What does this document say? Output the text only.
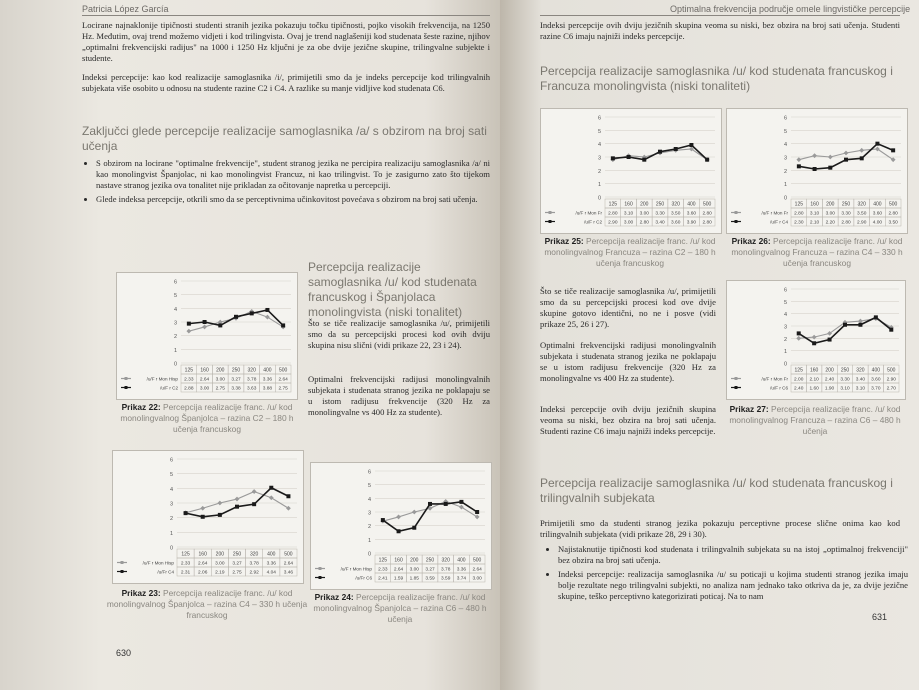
Patricia López García
Locirane najnaklonije tipičnosti studenti stranih jezika pokazuju točku tipičnosti, pojko visokih frekvencija, na 1250 Hz. Međutim, ovaj trend možemo vidjeti i kod trilingvista. Ovaj je trend naglašeniji kod studenata šeste razine, njihov „optimalni frekvencijski radijus" na 1000 i 1250 Hz ključni je za obe dvije jezične skupine, trilingvalne subjekte i studente.
Indeksi percepcije: kao kod realizacije samoglasnika /i/, primijetili smo da je indeks percepcije kod trilingvalnih subjekata više osobito u odnosu na studente razine C2 i C4. A razlike su manje vidljive kod studenata C6.
Zaključci glede percepcije realizacije samoglasnika /a/ s obzirom na broj sati učenja
• S obzirom na locirane "optimalne frekvencije", student stranog jezika ne percipira realizaciju samoglasnika /a/ ni kao monolingvist Španjolac, ni kao monolingvist Francuz, ni kao trilingvist. To je zasigurno zato što tijekom nastave stranog jezika ova tonalitet nije prikladan za očitovanje napretka u percepciji.
• Glede indeksa percepcije, otkrili smo da se perceptivnima učinkovitost povećava s obzirom na broj sati učenja.
0
1
2
3
4
5
6
125 160 200 250 320 400 500
/u/F r Mon Hisp 2.33 2.64 3.00 3.27 3.78 3.36 2.64
/u/F r C2 2.88 3.00 2.75 3.38 3.63 3.88 2.75
Prikaz 22: Percepcija realizacije franc. /u/ kod monolingvalnog Španjolca – razina C2 – 180 h učenja francuskog
Percepcija realizacije samoglasnika /u/ kod studenata francuskog i Španjolaca monolingvista (niski tonalitet)
Što se tiče realizacije samoglasnika /u/, primijetili smo da su percepcijski procesi kod ovih dviju skupina nisu slični (vidi prikaze 22, 23 i 24).
Optimalni frekvencijski radijusi monolingvalnih subjekata i studenata stranog jezika ne poklapaju se u istom radijusu frekvencije (320 Hz za monolingvalne vs 400 Hz za studente).
0
1
2
3
4
5
6
125 160 200 250 320 400 500
/u/F r Mon Hisp 2.33 2.64 3.00 3.27 3.78 3.36 2.64
/u/Fr C4 2.31 2.06 2.19 2.75 2.92 4.04 3.46
Prikaz 23: Percepcija realizacije franc. /u/ kod monolingvalnog Španjolca – razina C4 – 330 h učenja francuskog
0
1
2
3
4
5
6
125 160 200 250 320 400 500
/u/F r Mon Hisp 2.33 2.64 3.00 3.27 3.78 3.36 2.64
/u/Fr C6 2.41 1.59 1.85 3.59 3.59 3.74 3.00
Prikaz 24: Percepcija realizacije franc. /u/ kod monolingvalnog Španjolca – razina C6 – 480 h učenja
630
Optimalna frekvencija područje omele lingvističke percepcije
Indeksi percepcije ovih dviju jezičnih skupina veoma su niski, bez obzira na broj sati učenja. Studenti razine C6 imaju najniži indeks percepcije.
Percepcija realizacije samoglasnika /u/ kod studenata francuskog i Francuza monolingvista (niski tonaliteti)
0
1
2
3
4
5
6
125 160 200 250 320 400 500
/u/F r Mon Fr 2.80 3.10 3.00 3.30 3.50 3.60 2.80
/u/F r C2 2.90 3.00 2.80 3.40 3.60 3.90 2.80
Prikaz 25: Percepcija realizacije franc. /u/ kod monolingvalnog Francuza – razina C2 – 180 h učenja francuskog
0
1
2
3
4
5
6
125 160 200 250 320 400 500
/u/F r Mon Fr 2.80 3.10 3.00 3.30 3.50 3.60 2.80
/u/F r C4 2.30 2.10 2.20 2.80 2.90 4.00 3.50
Prikaz 26: Percepcija realizacije franc. /u/ kod monolingvalnog Francuza – razina C4 – 330 h učenja francuskog
Što se tiče realizacije samoglasnika /u/, primijetili smo da su percepcijski procesi kod ove dvije skupine gotovo identični, no ne i posve (vidi prikaze 25, 26 i 27).
Optimalni frekvencijski radijusi monolingvalnih subjekata i studenata stranog jezika ne poklapaju se u istom radijusu frekvencije (320 Hz za monolingvalne vs 400 Hz za studente).
Indeksi percepcije ovih dviju jezičnih skupina veoma su niski, bez obzira na broj sati učenja. Studenti razine C6 imaju najniži indeks percepcije.
0
1
2
3
4
5
6
125 160 200 250 320 400 500
/u/F r Mon Fr 2.00 2.10 2.40 3.30 3.40 3.60 2.90
/u/F r C6 2.40 1.60 1.90 3.10 3.10 3.70 2.70
Prikaz 27: Percepcija realizacije franc. /u/ kod monolingvalnog Francuza – razina C6 – 480 h učenja
Percepcija realizacije samoglasnika /u/ kod studenata francuskog i trilingvalnih subjekata
Primijetili smo da studenti stranog jezika pokazuju perceptivne procese slične onima kao kod trilingvalnih subjekata (vidi prikaze 28, 29 i 30).
• Najistaknutije tipičnosti kod studenata i trilingvalnih subjekata su na istoj „optimalnoj frekvenciji" bez obzira na broj sati učenja.
• Indeksi percepcije: realizacija samoglasnika /u/ su poticaji u kojima studenti stranog jezika imaju bolje rezultate nego trilingvalni subjekti, no analiza nam jednako tako otkriva da je, za dvije jezične skupine, teško perceptivno kategorizirati poticaj. Na to nam
631
